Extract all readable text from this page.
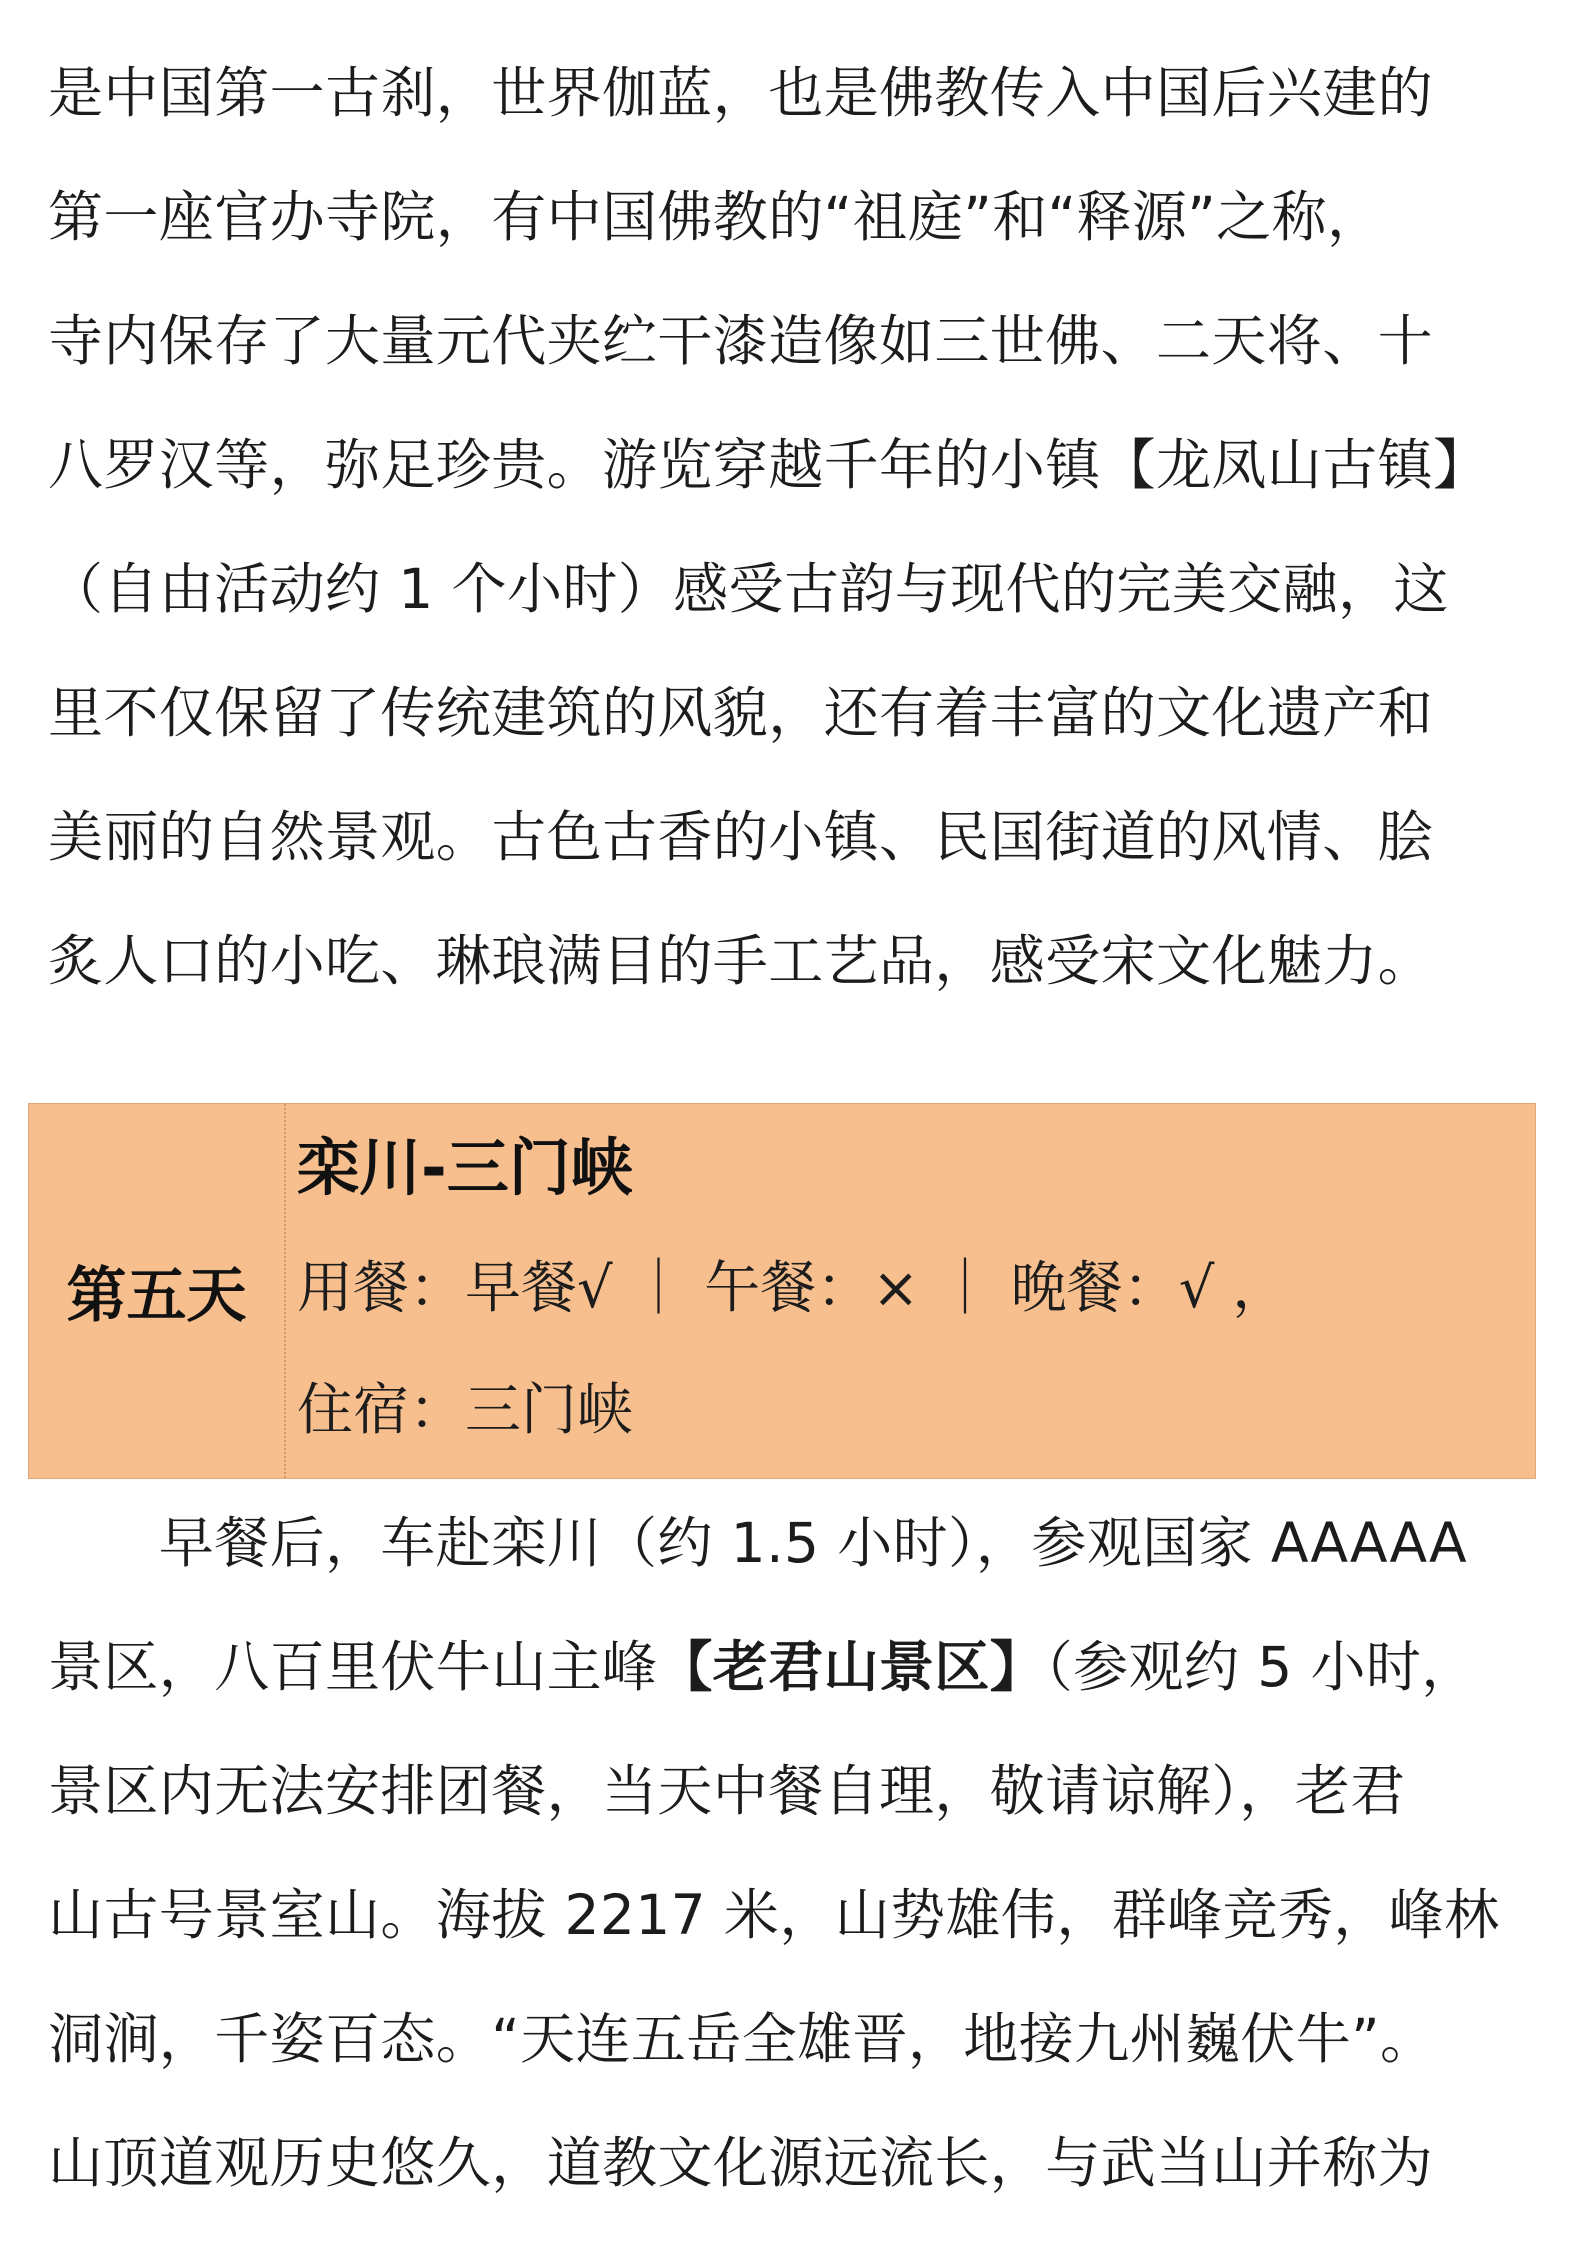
是中国第一古刹，世界伽蓝，也是佛教传入中国后兴建的
第一座官办寺院，有中国佛教的“祖庭”和“释源”之称，
寺内保存了大量元代夹纻干漆造像如三世佛、二天将、十
八罗汉等，弥足珍贵。游览穿越千年的小镇【龙凤山古镇】
（自由活动约 1 个小时）感受古韵与现代的完美交融，这
里不仅保留了传统建筑的风貌，还有着丰富的文化遗产和
美丽的自然景观。古色古香的小镇、民国街道的风情、脍
炙人口的小吃、琳琅满目的手工艺品，感受宋文化魅力。
第五天
栾川-三门峡
用餐：早餐√ ｜ 午餐：× ｜ 晚餐：√ ，
住宿：三门峡
　　早餐后，车赴栾川（约 1.5 小时），参观国家 AAAAA
景区，八百里伏牛山主峰【老君山景区】（参观约 5 小时，
景区内无法安排团餐，当天中餐自理，敬请谅解），老君
山古号景室山。海拔 2217 米，山势雄伟，群峰竞秀，峰林
洞涧，千姿百态。“天连五岳全雄晋，地接九州巍伏牛”。
山顶道观历史悠久，道教文化源远流长，与武当山并称为
